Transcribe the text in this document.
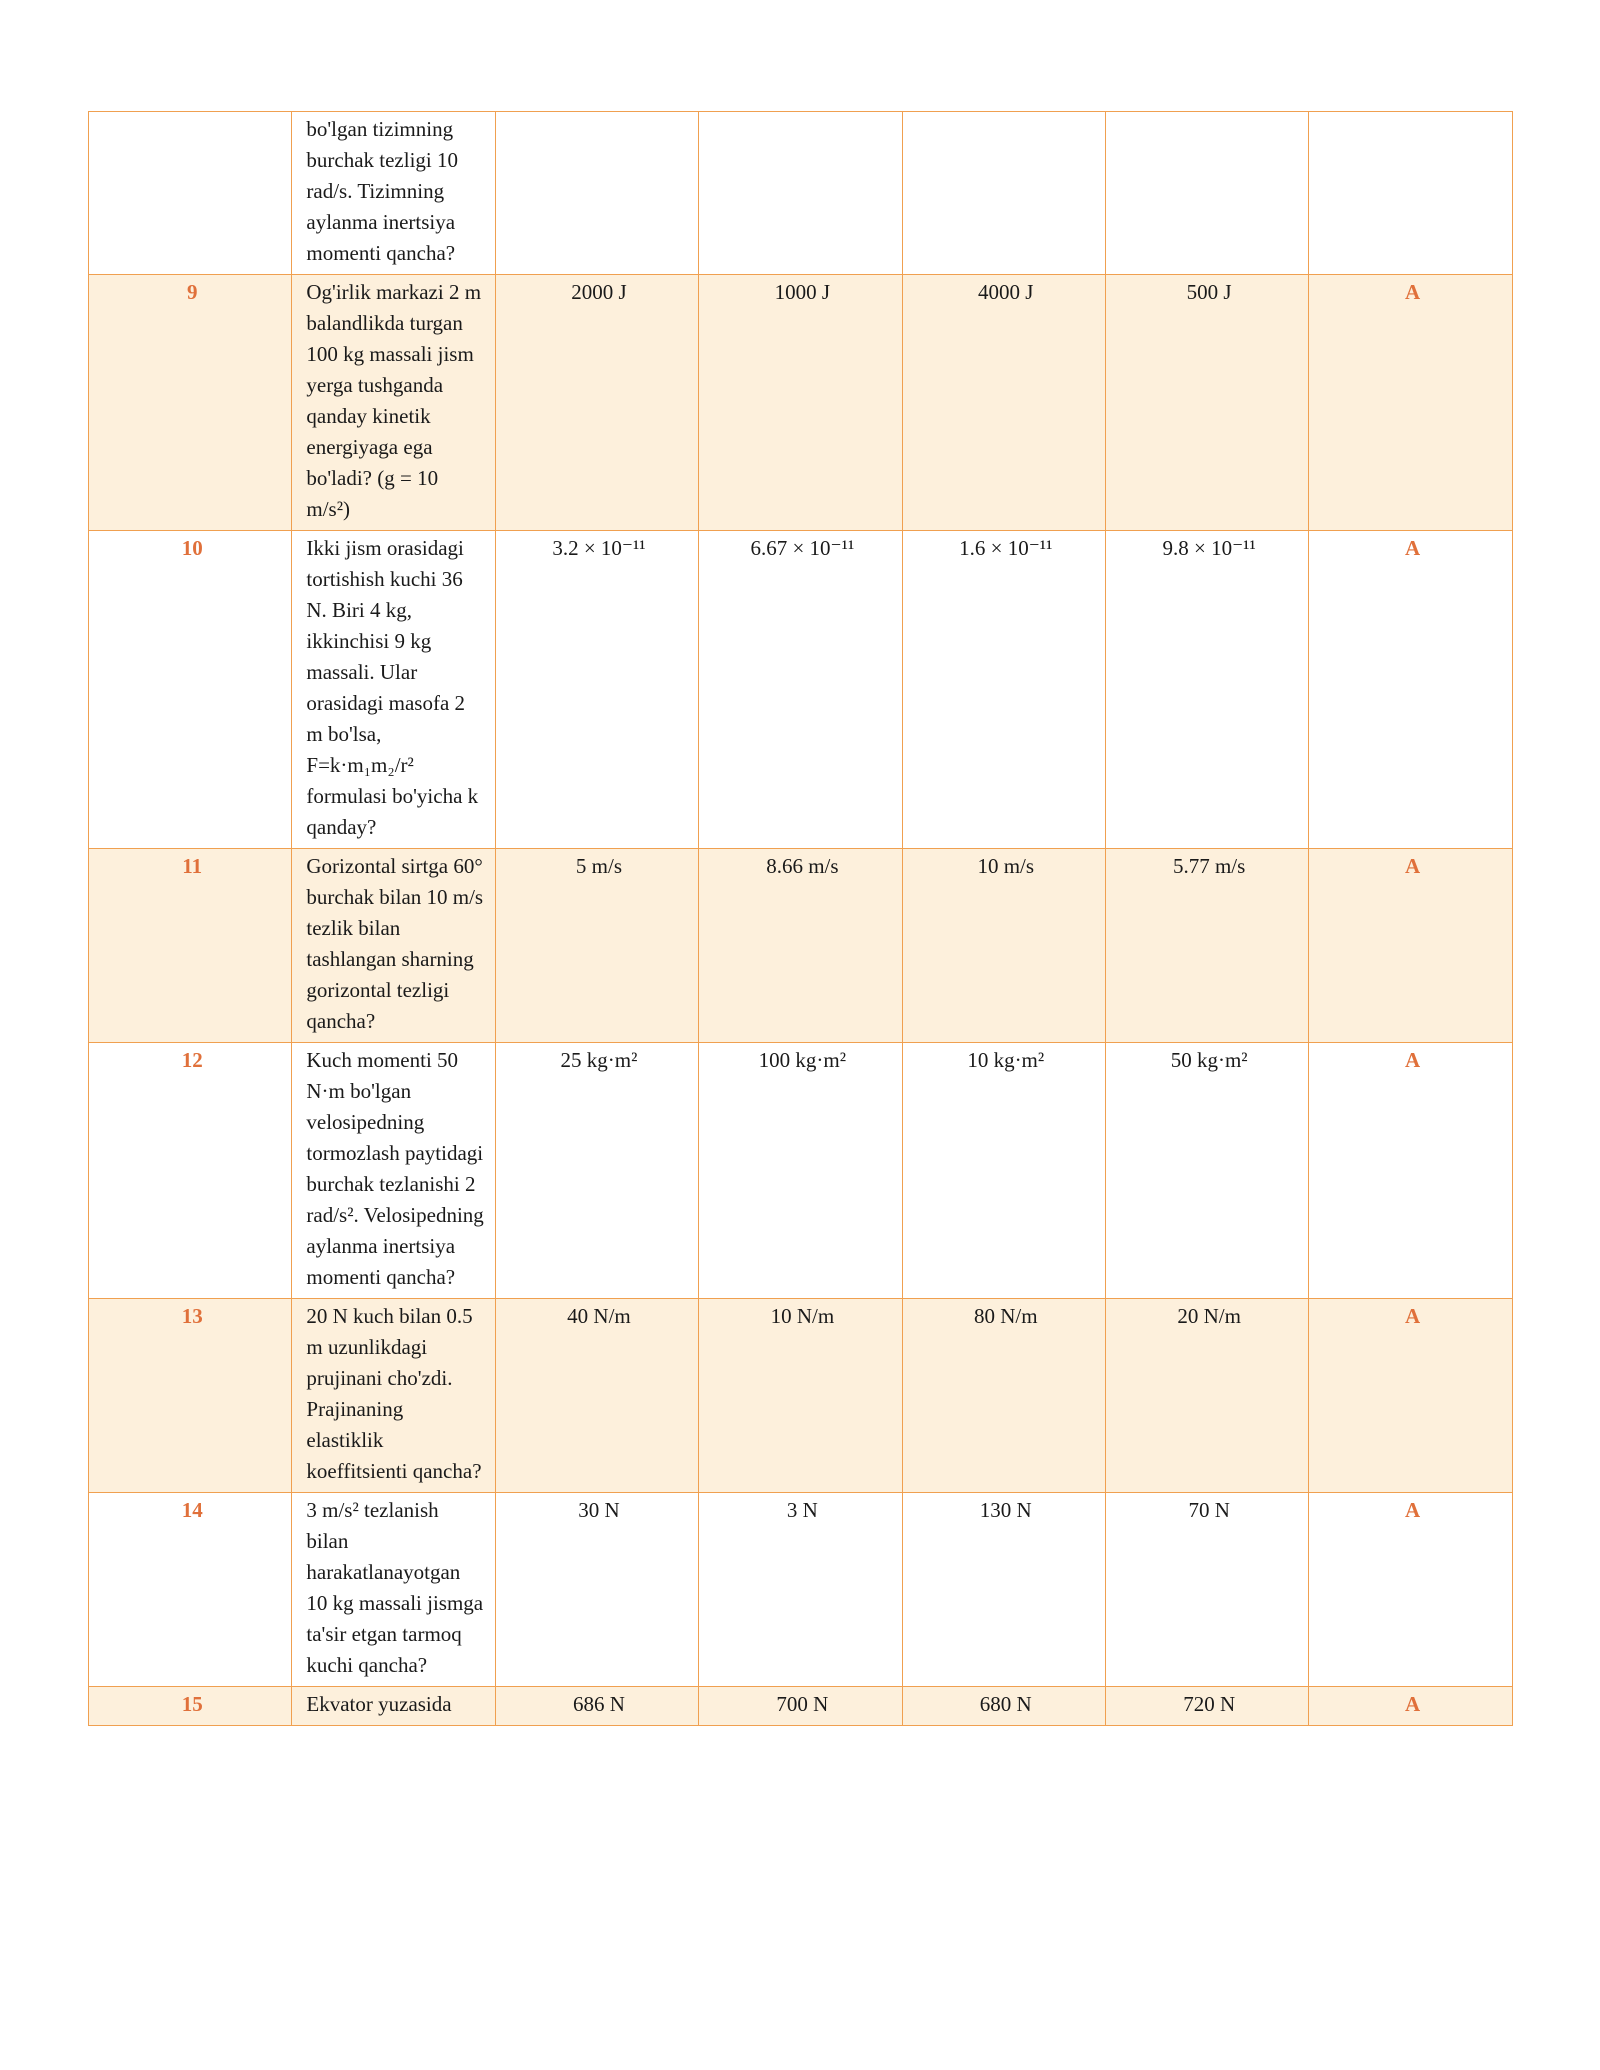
	bo'lgan tizimning burchak tezligi 10 rad/s. Tizimning aylanma inertsiya momenti qancha?					
9	Og'irlik markazi 2 m balandlikda turgan 100 kg massali jism yerga tushganda qanday kinetik energiyaga ega bo'ladi? (g = 10 m/s²)	2000 J	1000 J	4000 J	500 J	A
10	Ikki jism orasidagi tortishish kuchi 36 N. Biri 4 kg, ikkinchisi 9 kg massali. Ular orasidagi masofa 2 m bo'lsa, F=k·m₁m₂/r² formulasi bo'yicha k qanday?	3.2 × 10⁻¹¹	6.67 × 10⁻¹¹	1.6 × 10⁻¹¹	9.8 × 10⁻¹¹	A
11	Gorizontal sirtga 60° burchak bilan 10 m/s tezlik bilan tashlangan sharning gorizontal tezligi qancha?	5 m/s	8.66 m/s	10 m/s	5.77 m/s	A
12	Kuch momenti 50 N·m bo'lgan velosipedning tormozlash paytidagi burchak tezlanishi 2 rad/s². Velosipedning aylanma inertsiya momenti qancha?	25 kg·m²	100 kg·m²	10 kg·m²	50 kg·m²	A
13	20 N kuch bilan 0.5 m uzunlikdagi prujinani cho'zdi. Prajinaning elastiklik koeffitsienti qancha?	40 N/m	10 N/m	80 N/m	20 N/m	A
14	3 m/s² tezlanish bilan harakatlanayotgan 10 kg massali jismga ta'sir etgan tarmoq kuchi qancha?	30 N	3 N	130 N	70 N	A
15	Ekvator yuzasida	686 N	700 N	680 N	720 N	A
